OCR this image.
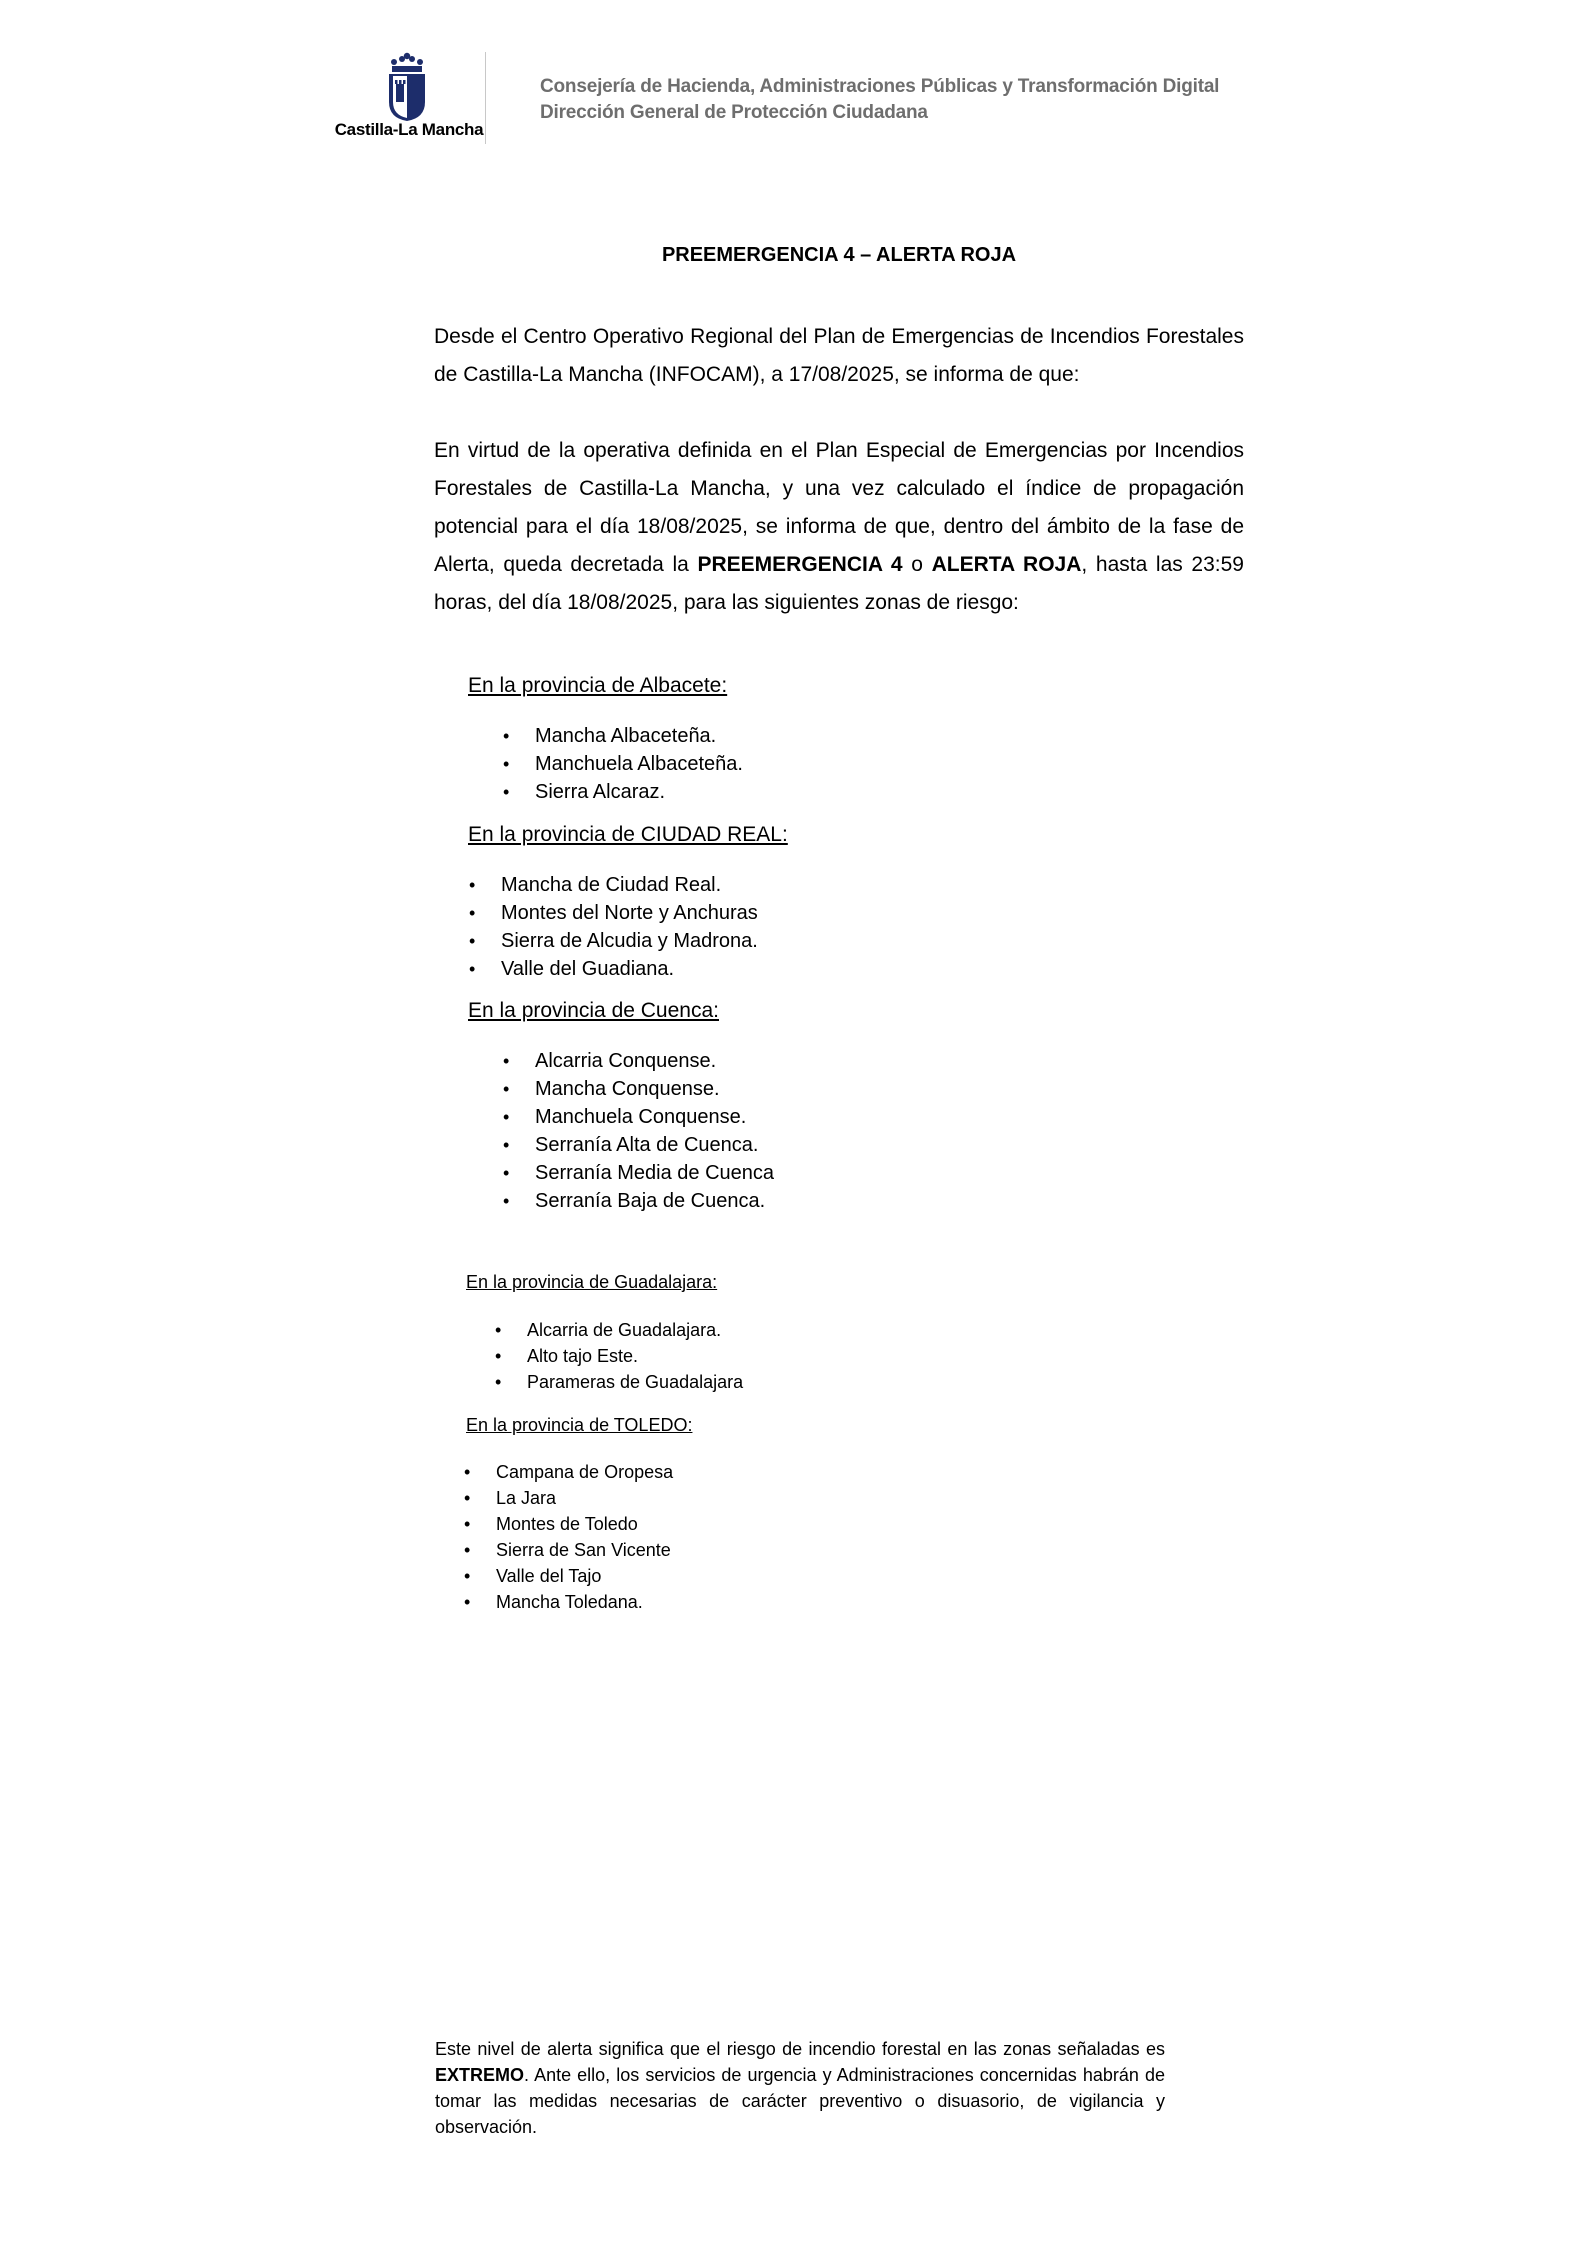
Castilla-La Mancha
Consejería de Hacienda, Administraciones Públicas y Transformación Digital
Dirección General de Protección Ciudadana
PREEMERGENCIA 4 – ALERTA ROJA
Desde el Centro Operativo Regional del Plan de Emergencias de Incendios Forestales de Castilla-La Mancha (INFOCAM), a 17/08/2025, se informa de que:
En virtud de la operativa definida en el Plan Especial de Emergencias por Incendios Forestales de Castilla-La Mancha, y una vez calculado el índice de propagación potencial para el día 18/08/2025, se informa de que, dentro del ámbito de la fase de Alerta, queda decretada la PREEMERGENCIA 4 o ALERTA ROJA, hasta las 23:59 horas, del día 18/08/2025, para las siguientes zonas de riesgo:
En la provincia de Albacete:
• Mancha Albaceteña.
• Manchuela Albaceteña.
• Sierra Alcaraz.
En la provincia de CIUDAD REAL:
• Mancha de Ciudad Real.
• Montes del Norte y Anchuras
• Sierra de Alcudia y Madrona.
• Valle del Guadiana.
En la provincia de Cuenca:
• Alcarria Conquense.
• Mancha Conquense.
• Manchuela Conquense.
• Serranía Alta de Cuenca.
• Serranía Media de Cuenca
• Serranía Baja de Cuenca.
En la provincia de Guadalajara:
• Alcarria de Guadalajara.
• Alto tajo Este.
• Parameras de Guadalajara
En la provincia de TOLEDO:
• Campana de Oropesa
• La Jara
• Montes de Toledo
• Sierra de San Vicente
• Valle del Tajo
• Mancha Toledana.
Este nivel de alerta significa que el riesgo de incendio forestal en las zonas señaladas es EXTREMO. Ante ello, los servicios de urgencia y Administraciones concernidas habrán de tomar las medidas necesarias de carácter preventivo o disuasorio, de vigilancia y observación.
